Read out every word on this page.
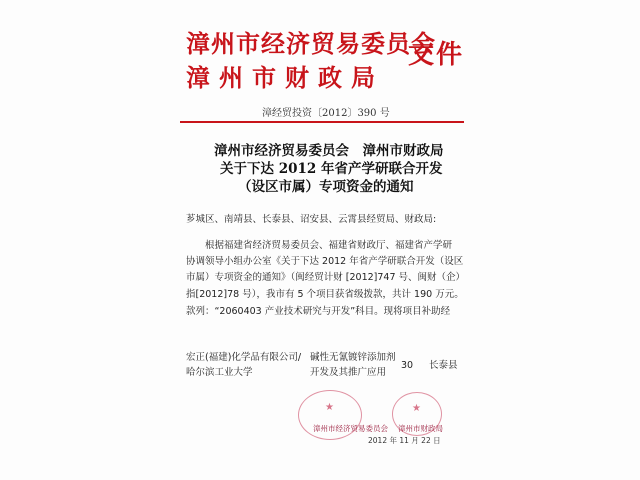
漳州市经济贸易委员会
漳州市财政局
文件
漳经贸投资〔2012〕390 号
漳州市经济贸易委员会　漳州市财政局
关于下达 2012 年省产学研联合开发
（设区市属）专项资金的通知
芗城区、南靖县、长泰县、诏安县、云霄县经贸局、财政局:
根据福建省经济贸易委员会、福建省财政厅、福建省产学研
协调领导小组办公室《关于下达 2012 年省产学研联合开发（设区
市属）专项资金的通知》（闽经贸计财 [2012]747 号、闽财（企）
指[2012]78 号），我市有 5 个项目获省级拨款，共计 190 万元。
款列：“2060403 产业技术研究与开发”科目。现将项目补助经
宏正(福建)化学品有限公司/
哈尔滨工业大学
碱性无氰镀锌添加剂
开发及其推广应用
30 长泰县
★
漳州市经济贸易委员会
★
漳州市财政局
2012 年 11 月 22 日
